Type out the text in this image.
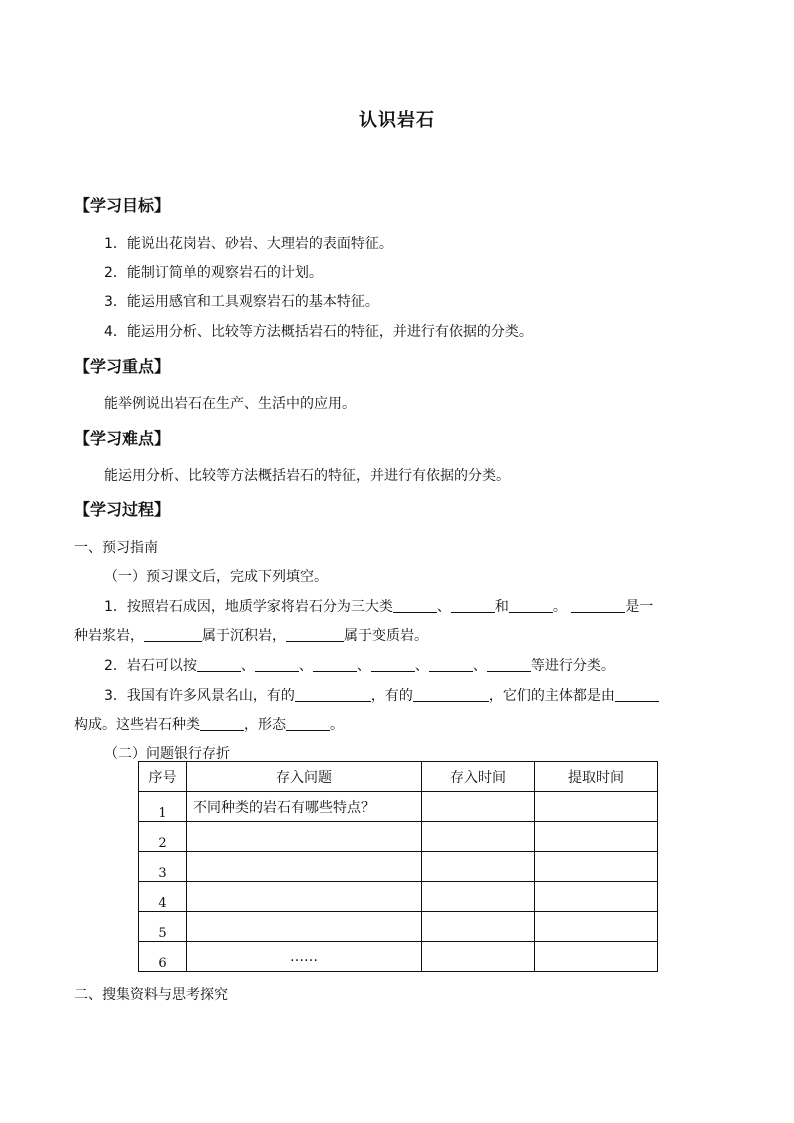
认识岩石
【学习目标】
1．能说出花岗岩、砂岩、大理岩的表面特征。
2．能制订简单的观察岩石的计划。
3．能运用感官和工具观察岩石的基本特征。
4．能运用分析、比较等方法概括岩石的特征，并进行有依据的分类。
【学习重点】
能举例说出岩石在生产、生活中的应用。
【学习难点】
能运用分析、比较等方法概括岩石的特征，并进行有依据的分类。
【学习过程】
一、预习指南
（一）预习课文后，完成下列填空。
1．按照岩石成因，地质学家将岩石分为三大类	、	和	。	是一
种岩浆岩，	属于沉积岩，	属于变质岩。
2．岩石可以按	、	、	、	、	、	等进行分类。
3．我国有许多风景名山，有的	，有的	，它们的主体都是由
构成。这些岩石种类	，形态	。
（二）问题银行存折
序号	存入问题	存入时间	提取时间
1	不同种类的岩石有哪些特点？		
2			
3			
4			
5			
6	……		
二、搜集资料与思考探究
